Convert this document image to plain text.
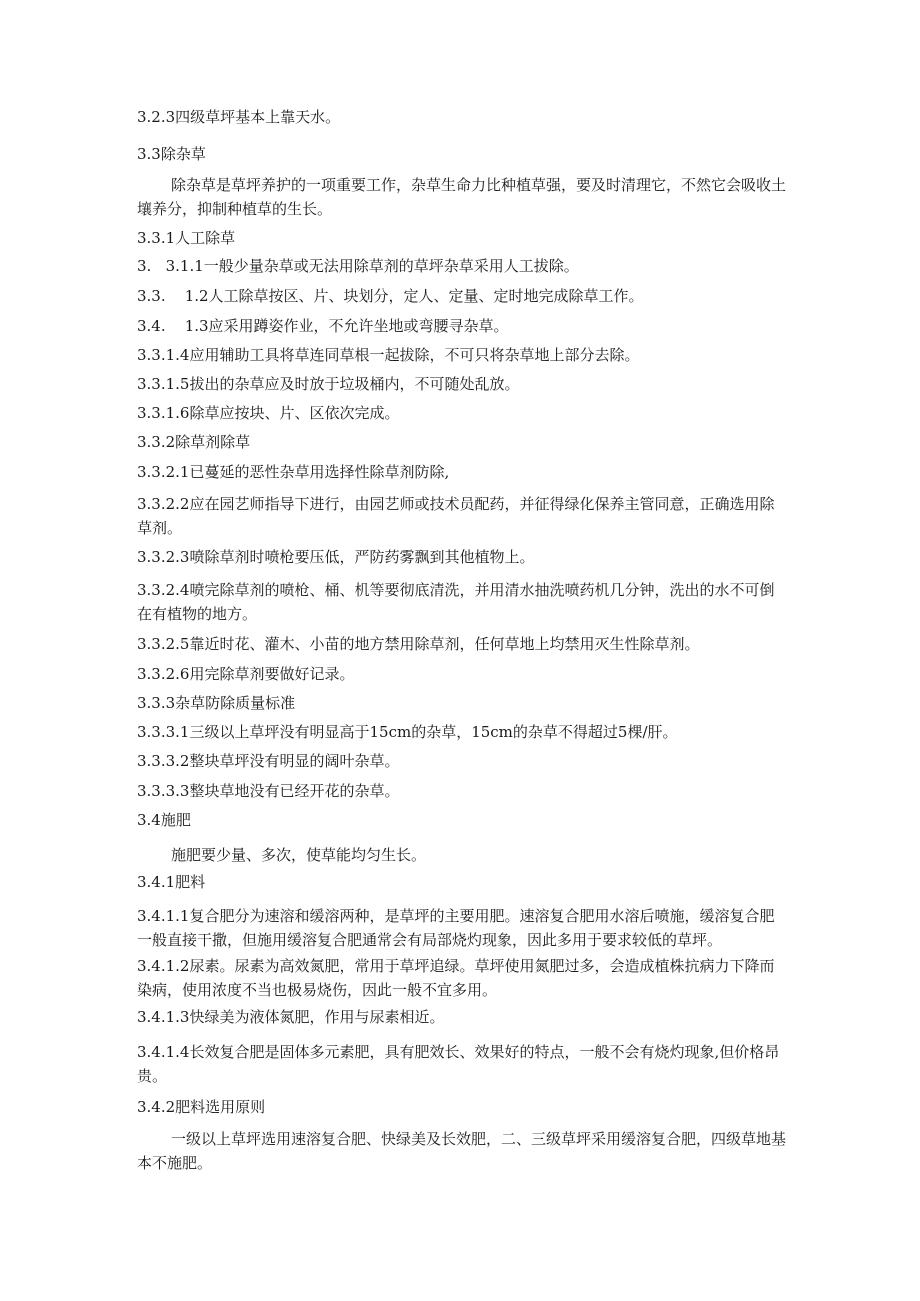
3.2.3四级草坪基本上靠天水。
3.3除杂草
除杂草是草坪养护的一项重要工作，杂草生命力比种植草强，要及时清理它，不然它会吸收土壤养分，抑制种植草的生长。
3.3.1人工除草
3.   3.1.1一般少量杂草或无法用除草剂的草坪杂草采用人工拔除。
3.3.    1.2人工除草按区、片、块划分，定人、定量、定时地完成除草工作。
3.4.    1.3应采用蹲姿作业，不允许坐地或弯腰寻杂草。
3.3.1.4应用辅助工具将草连同草根一起拔除，不可只将杂草地上部分去除。
3.3.1.5拔出的杂草应及时放于垃圾桶内，不可随处乱放。
3.3.1.6除草应按块、片、区依次完成。
3.3.2除草剂除草
3.3.2.1已蔓延的恶性杂草用选择性除草剂防除,
3.3.2.2应在园艺师指导下进行，由园艺师或技术员配药，并征得绿化保养主管同意，正确选用除草剂。
3.3.2.3喷除草剂时喷枪要压低，严防药雾飘到其他植物上。
3.3.2.4喷完除草剂的喷枪、桶、机等要彻底清洗，并用清水抽洗喷药机几分钟，洗出的水不可倒在有植物的地方。
3.3.2.5靠近时花、灌木、小苗的地方禁用除草剂，任何草地上均禁用灭生性除草剂。
3.3.2.6用完除草剂要做好记录。
3.3.3杂草防除质量标准
3.3.3.1三级以上草坪没有明显高于15cm的杂草，15cm的杂草不得超过5棵/肝。
3.3.3.2整块草坪没有明显的阔叶杂草。
3.3.3.3整块草地没有已经开花的杂草。
3.4施肥
施肥要少量、多次，使草能均匀生长。
3.4.1肥料
3.4.1.1复合肥分为速溶和缓溶两种，是草坪的主要用肥。速溶复合肥用水溶后喷施，缓溶复合肥一般直接干撒，但施用缓溶复合肥通常会有局部烧灼现象，因此多用于要求较低的草坪。
3.4.1.2尿素。尿素为高效氮肥，常用于草坪追绿。草坪使用氮肥过多，会造成植株抗病力下降而染病，使用浓度不当也极易烧伤，因此一般不宜多用。
3.4.1.3快绿美为液体氮肥，作用与尿素相近。
3.4.1.4长效复合肥是固体多元素肥，具有肥效长、效果好的特点，一般不会有烧灼现象,但价格昂贵。
3.4.2肥料选用原则
一级以上草坪选用速溶复合肥、快绿美及长效肥，二、三级草坪采用缓溶复合肥，四级草地基本不施肥。
